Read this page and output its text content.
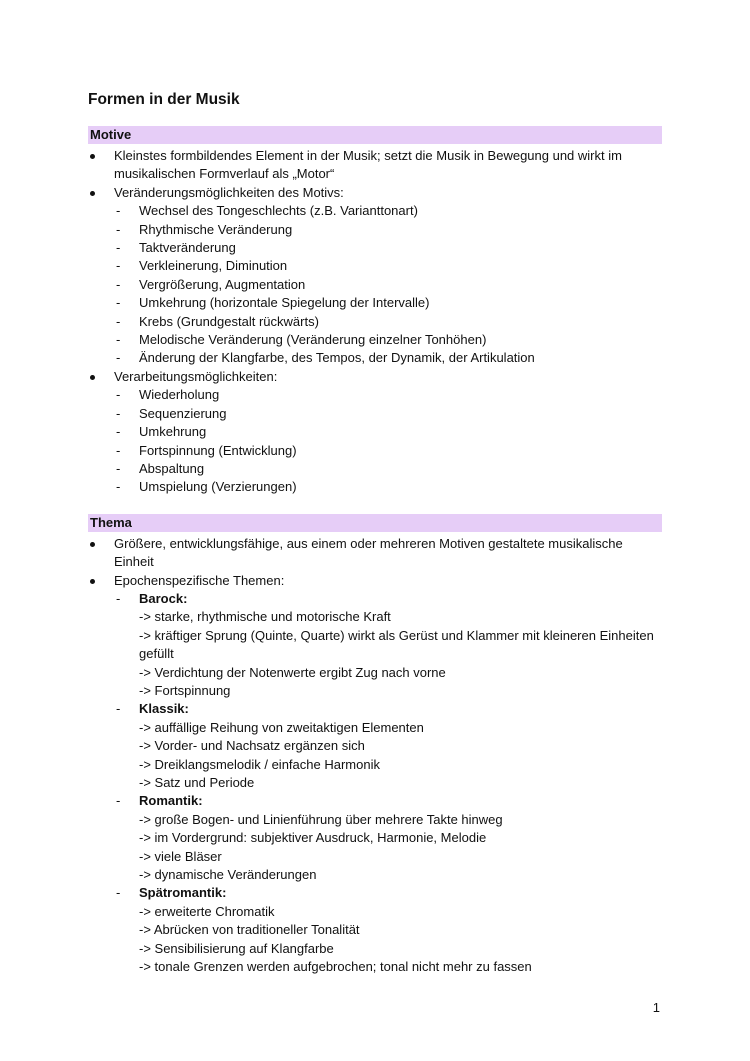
Formen in der Musik
Motive
Kleinstes formbildendes Element in der Musik; setzt die Musik in Bewegung und wirkt im musikalischen Formverlauf als „Motor“
Veränderungsmöglichkeiten des Motivs:
- Wechsel des Tongeschlechts (z.B. Varianttonart)
- Rhythmische Veränderung
- Taktveränderung
- Verkleinerung, Diminution
- Vergrößerung, Augmentation
- Umkehrung (horizontale Spiegelung der Intervalle)
- Krebs (Grundgestalt rückwärts)
- Melodische Veränderung (Veränderung einzelner Tonhöhen)
- Änderung der Klangfarbe, des Tempos, der Dynamik, der Artikulation
Verarbeitungsmöglichkeiten:
- Wiederholung
- Sequenzierung
- Umkehrung
- Fortspinnung (Entwicklung)
- Abspaltung
- Umspielung (Verzierungen)
Thema
Größere, entwicklungsfähige, aus einem oder mehreren Motiven gestaltete musikalische Einheit
Epochenspezifische Themen:
- Barock:
-> starke, rhythmische und motorische Kraft
-> kräftiger Sprung (Quinte, Quarte) wirkt als Gerüst und Klammer mit kleineren Einheiten gefüllt
-> Verdichtung der Notenwerte ergibt Zug nach vorne
-> Fortspinnung
- Klassik:
-> auffällige Reihung von zweitaktigen Elementen
-> Vorder- und Nachsatz ergänzen sich
-> Dreiklangsmelodik / einfache Harmonik
-> Satz und Periode
- Romantik:
-> große Bogen- und Linienführung über mehrere Takte hinweg
-> im Vordergrund: subjektiver Ausdruck, Harmonie, Melodie
-> viele Bläser
-> dynamische Veränderungen
- Spätromantik:
-> erweiterte Chromatik
-> Abrücken von traditioneller Tonalität
-> Sensibilisierung auf Klangfarbe
-> tonale Grenzen werden aufgebrochen; tonal nicht mehr zu fassen
1
